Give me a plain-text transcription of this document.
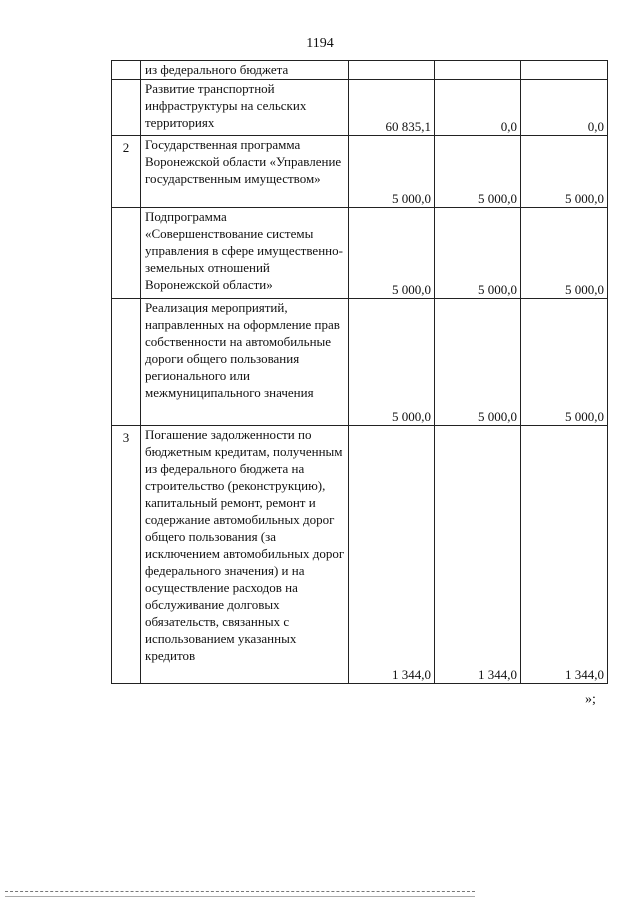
1194
	из федерального бюджета			
	Развитие транспортной инфраструктуры на сельских территориях	60 835,1	0,0	0,0
2	Государственная программа Воронежской области «Управление государственным имуществом»	5 000,0	5 000,0	5 000,0
	Подпрограмма «Совершенствование системы управления в сфере имущественно-земельных отношений Воронежской области»	5 000,0	5 000,0	5 000,0
	Реализация мероприятий, направленных на оформление прав собственности на автомобильные дороги общего пользования регионального или межмуниципального значения	5 000,0	5 000,0	5 000,0
3	Погашение задолженности по бюджетным кредитам, полученным из федерального бюджета на строительство (реконструкцию), капитальный ремонт, ремонт и содержание автомобильных дорог общего пользования (за исключением автомобильных дорог федерального значения) и на осуществление расходов на обслуживание долговых обязательств, связанных с использованием указанных кредитов	1 344,0	1 344,0	1 344,0
»;
